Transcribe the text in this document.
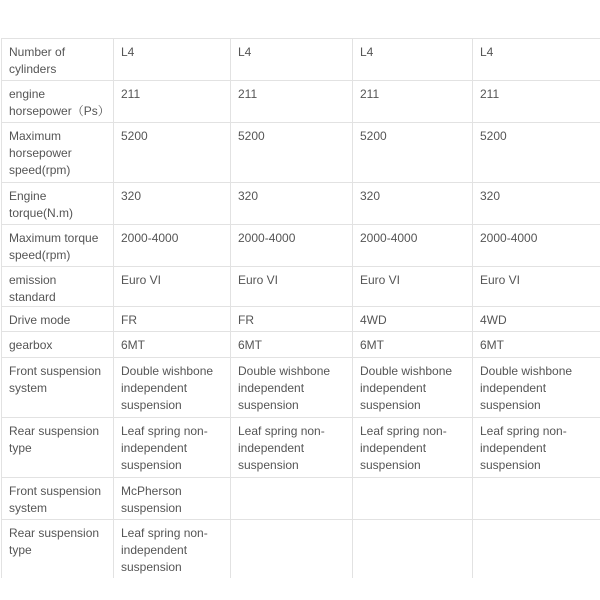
Number of cylinders	L4	L4	L4	L4
engine horsepower（Ps）	211	211	211	211
Maximum horsepower speed(rpm)	5200	5200	5200	5200
Engine torque(N.m)	320	320	320	320
Maximum torque speed(rpm)	2000-4000	2000-4000	2000-4000	2000-4000
emission standard	Euro VI	Euro VI	Euro VI	Euro VI
Drive mode	FR	FR	4WD	4WD
gearbox	6MT	6MT	6MT	6MT
Front suspension system	Double wishbone independent suspension	Double wishbone independent suspension	Double wishbone independent suspension	Double wishbone independent suspension
Rear suspension type	Leaf spring non-independent suspension	Leaf spring non-independent suspension	Leaf spring non-independent suspension	Leaf spring non-independent suspension
Front suspension system	McPherson suspension			
Rear suspension type	Leaf spring non-independent suspension			
